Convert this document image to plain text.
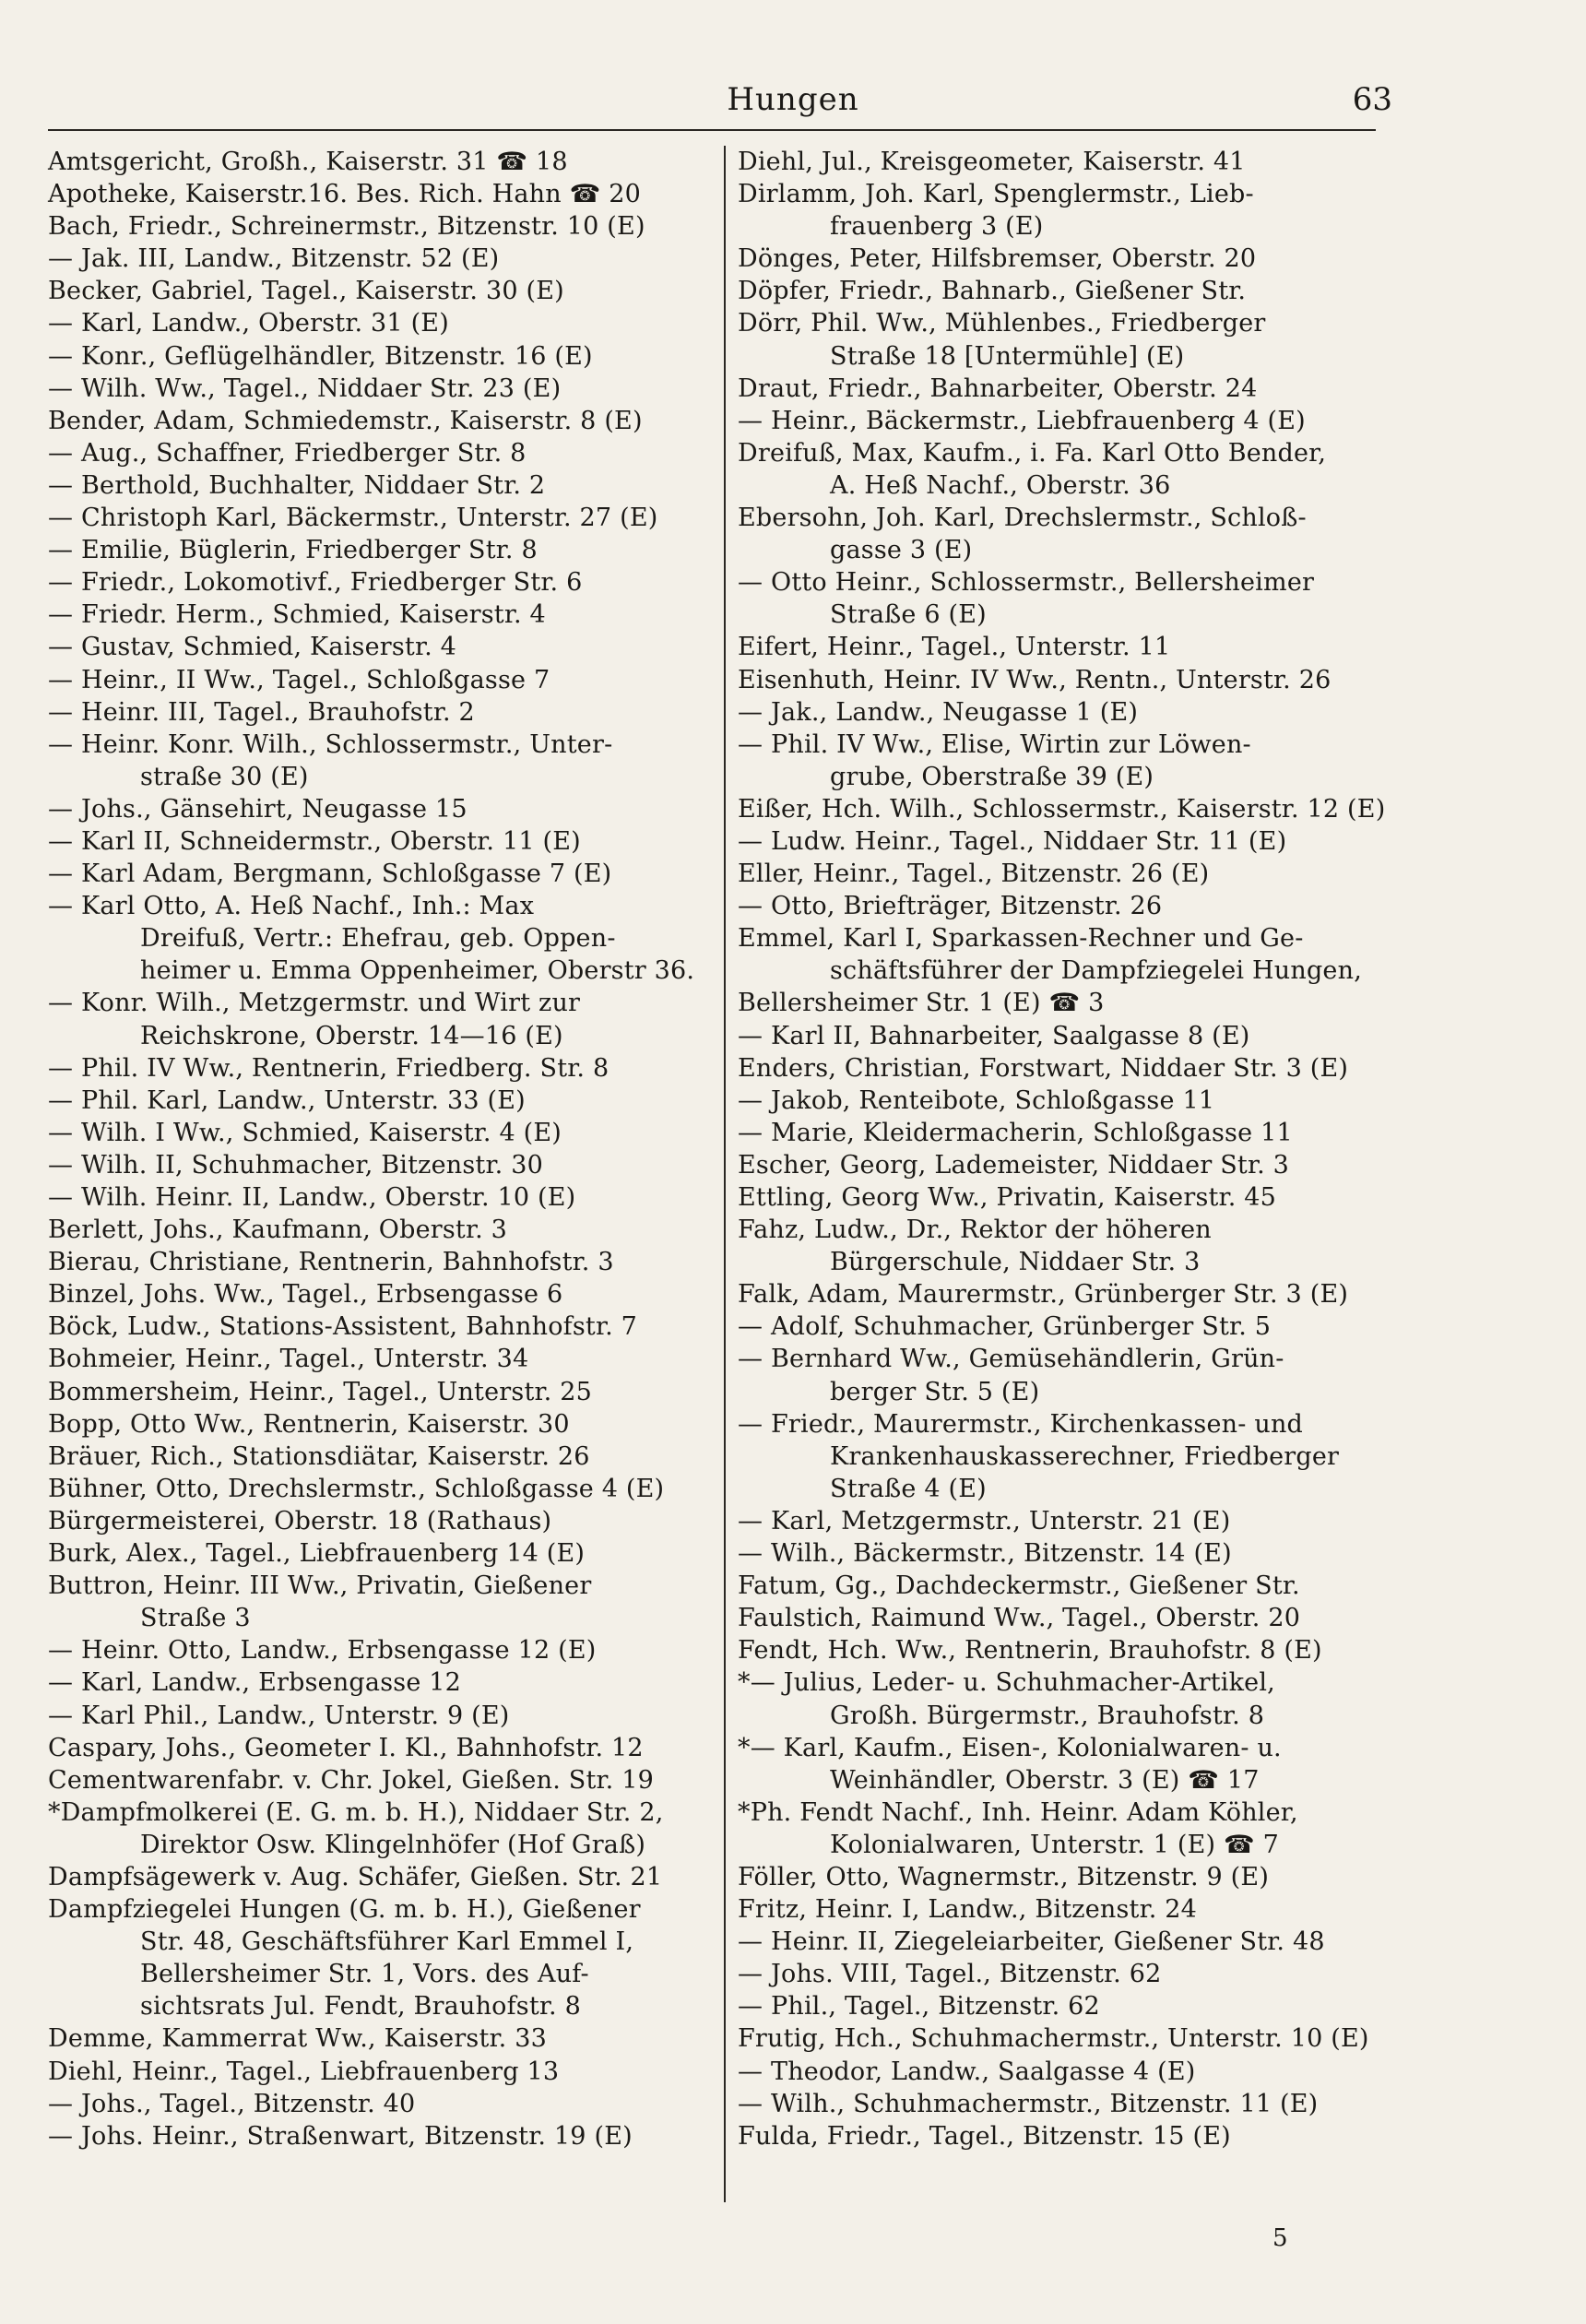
Hungen	63
Amtsgericht, Großh., Kaiserstr. 31 ☎ 18
Apotheke, Kaiserstr.16. Bes. Rich. Hahn ☎ 20
Bach, Friedr., Schreinermstr., Bitzenstr. 10 (E)
— Jak. III, Landw., Bitzenstr. 52 (E)
Becker, Gabriel, Tagel., Kaiserstr. 30 (E)
— Karl, Landw., Oberstr. 31 (E)
— Konr., Geflügelhändler, Bitzenstr. 16 (E)
— Wilh. Ww., Tagel., Niddaer Str. 23 (E)
Bender, Adam, Schmiedemstr., Kaiserstr. 8 (E)
— Aug., Schaffner, Friedberger Str. 8
— Berthold, Buchhalter, Niddaer Str. 2
— Christoph Karl, Bäckermstr., Unterstr. 27 (E)
— Emilie, Büglerin, Friedberger Str. 8
— Friedr., Lokomotivf., Friedberger Str. 6
— Friedr. Herm., Schmied, Kaiserstr. 4
— Gustav, Schmied, Kaiserstr. 4
— Heinr., II Ww., Tagel., Schloßgasse 7
— Heinr. III, Tagel., Brauhofstr. 2
— Heinr. Konr. Wilh., Schlossermstr., Unter-
straße 30 (E)
— Johs., Gänsehirt, Neugasse 15
— Karl II, Schneidermstr., Oberstr. 11 (E)
— Karl Adam, Bergmann, Schloßgasse 7 (E)
— Karl Otto, A. Heß Nachf., Inh.: Max
Dreifuß, Vertr.: Ehefrau, geb. Oppen-
heimer u. Emma Oppenheimer, Oberstr 36.
— Konr. Wilh., Metzgermstr. und Wirt zur
Reichskrone, Oberstr. 14—16 (E)
— Phil. IV Ww., Rentnerin, Friedberg. Str. 8
— Phil. Karl, Landw., Unterstr. 33 (E)
— Wilh. I Ww., Schmied, Kaiserstr. 4 (E)
— Wilh. II, Schuhmacher, Bitzenstr. 30
— Wilh. Heinr. II, Landw., Oberstr. 10 (E)
Berlett, Johs., Kaufmann, Oberstr. 3
Bierau, Christiane, Rentnerin, Bahnhofstr. 3
Binzel, Johs. Ww., Tagel., Erbsengasse 6
Böck, Ludw., Stations-Assistent, Bahnhofstr. 7
Bohmeier, Heinr., Tagel., Unterstr. 34
Bommersheim, Heinr., Tagel., Unterstr. 25
Bopp, Otto Ww., Rentnerin, Kaiserstr. 30
Bräuer, Rich., Stationsdiätar, Kaiserstr. 26
Bühner, Otto, Drechslermstr., Schloßgasse 4 (E)
Bürgermeisterei, Oberstr. 18 (Rathaus)
Burk, Alex., Tagel., Liebfrauenberg 14 (E)
Buttron, Heinr. III Ww., Privatin, Gießener
Straße 3
— Heinr. Otto, Landw., Erbsengasse 12 (E)
— Karl, Landw., Erbsengasse 12
— Karl Phil., Landw., Unterstr. 9 (E)
Caspary, Johs., Geometer I. Kl., Bahnhofstr. 12
Cementwarenfabr. v. Chr. Jokel, Gießen. Str. 19
*Dampfmolkerei (E. G. m. b. H.), Niddaer Str. 2,
Direktor Osw. Klingelnhöfer (Hof Graß)
Dampfsägewerk v. Aug. Schäfer, Gießen. Str. 21
Dampfziegelei Hungen (G. m. b. H.), Gießener
Str. 48, Geschäftsführer Karl Emmel I,
Bellersheimer Str. 1, Vors. des Auf-
sichtsrats Jul. Fendt, Brauhofstr. 8
Demme, Kammerrat Ww., Kaiserstr. 33
Diehl, Heinr., Tagel., Liebfrauenberg 13
— Johs., Tagel., Bitzenstr. 40
— Johs. Heinr., Straßenwart, Bitzenstr. 19 (E)
Diehl, Jul., Kreisgeometer, Kaiserstr. 41
Dirlamm, Joh. Karl, Spenglermstr., Lieb-
frauenberg 3 (E)
Dönges, Peter, Hilfsbremser, Oberstr. 20
Döpfer, Friedr., Bahnarb., Gießener Str.
Dörr, Phil. Ww., Mühlenbes., Friedberger
Straße 18 [Untermühle] (E)
Draut, Friedr., Bahnarbeiter, Oberstr. 24
— Heinr., Bäckermstr., Liebfrauenberg 4 (E)
Dreifuß, Max, Kaufm., i. Fa. Karl Otto Bender,
A. Heß Nachf., Oberstr. 36
Ebersohn, Joh. Karl, Drechslermstr., Schloß-
gasse 3 (E)
— Otto Heinr., Schlossermstr., Bellersheimer
Straße 6 (E)
Eifert, Heinr., Tagel., Unterstr. 11
Eisenhuth, Heinr. IV Ww., Rentn., Unterstr. 26
— Jak., Landw., Neugasse 1 (E)
— Phil. IV Ww., Elise, Wirtin zur Löwen-
grube, Oberstraße 39 (E)
Eißer, Hch. Wilh., Schlossermstr., Kaiserstr. 12 (E)
— Ludw. Heinr., Tagel., Niddaer Str. 11 (E)
Eller, Heinr., Tagel., Bitzenstr. 26 (E)
— Otto, Briefträger, Bitzenstr. 26
Emmel, Karl I, Sparkassen-Rechner und Ge-
schäftsführer der Dampfziegelei Hungen,
Bellersheimer Str. 1 (E) ☎ 3
— Karl II, Bahnarbeiter, Saalgasse 8 (E)
Enders, Christian, Forstwart, Niddaer Str. 3 (E)
— Jakob, Renteibote, Schloßgasse 11
— Marie, Kleidermacherin, Schloßgasse 11
Escher, Georg, Lademeister, Niddaer Str. 3
Ettling, Georg Ww., Privatin, Kaiserstr. 45
Fahz, Ludw., Dr., Rektor der höheren
Bürgerschule, Niddaer Str. 3
Falk, Adam, Maurermstr., Grünberger Str. 3 (E)
— Adolf, Schuhmacher, Grünberger Str. 5
— Bernhard Ww., Gemüsehändlerin, Grün-
berger Str. 5 (E)
— Friedr., Maurermstr., Kirchenkassen- und
Krankenhauskasserechner, Friedberger
Straße 4 (E)
— Karl, Metzgermstr., Unterstr. 21 (E)
— Wilh., Bäckermstr., Bitzenstr. 14 (E)
Fatum, Gg., Dachdeckermstr., Gießener Str.
Faulstich, Raimund Ww., Tagel., Oberstr. 20
Fendt, Hch. Ww., Rentnerin, Brauhofstr. 8 (E)
*— Julius, Leder- u. Schuhmacher-Artikel,
Großh. Bürgermstr., Brauhofstr. 8
*— Karl, Kaufm., Eisen-, Kolonialwaren- u.
Weinhändler, Oberstr. 3 (E) ☎ 17
*Ph. Fendt Nachf., Inh. Heinr. Adam Köhler,
Kolonialwaren, Unterstr. 1 (E) ☎ 7
Föller, Otto, Wagnermstr., Bitzenstr. 9 (E)
Fritz, Heinr. I, Landw., Bitzenstr. 24
— Heinr. II, Ziegeleiarbeiter, Gießener Str. 48
— Johs. VIII, Tagel., Bitzenstr. 62
— Phil., Tagel., Bitzenstr. 62
Frutig, Hch., Schuhmachermstr., Unterstr. 10 (E)
— Theodor, Landw., Saalgasse 4 (E)
— Wilh., Schuhmachermstr., Bitzenstr. 11 (E)
Fulda, Friedr., Tagel., Bitzenstr. 15 (E)
5
